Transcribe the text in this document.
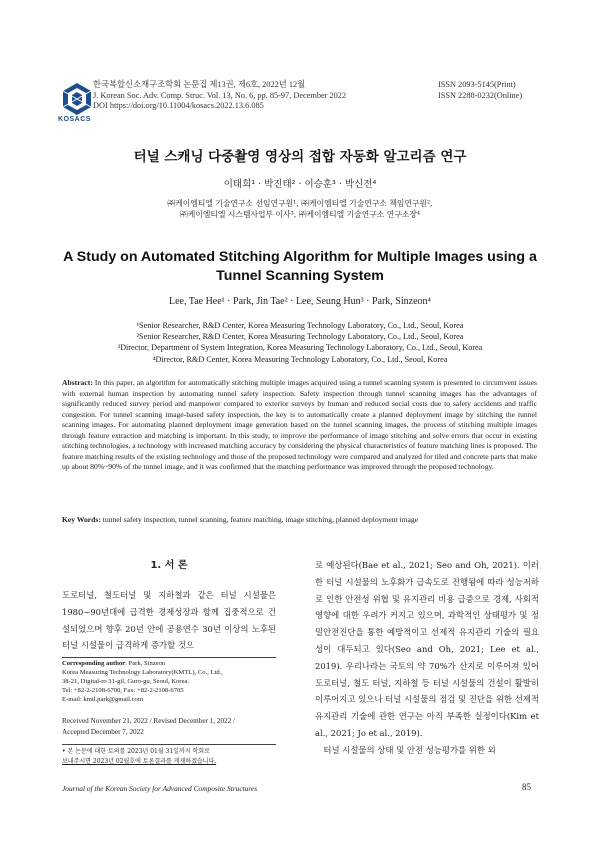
KOSACS
한국복합신소재구조학회 논문집 제13권, 제6호, 2022년 12월
J. Korean Soc. Adv. Comp. Struc. Vol. 13, No. 6, pp. 85-97, December 2022
DOI https://doi.org/10.11004/kosacs.2022.13.6.085
ISSN 2093-5145(Print)
ISSN 2288-0232(Online)
터널 스캐닝 다중촬영 영상의 접합 자동화 알고리즘 연구
이태희¹ · 박진태² · 이승훈³ · 박신전⁴
㈜케이엠티엘 기술연구소 선임연구원¹, ㈜케이엠티엘 기술연구소 책임연구원²,
㈜케이엠티엘 시스템사업부 이사³, ㈜케이엠티엘 기술연구소 연구소장⁴
A Study on Automated Stitching Algorithm for Multiple Images using a
Tunnel Scanning System
Lee, Tae Hee¹ · Park, Jin Tae² · Lee, Seung Hun³ · Park, Sinzeon⁴
¹Senior Researcher, R&D Center, Korea Measuring Technology Laboratory, Co., Ltd., Seoul, Korea
²Senior Researcher, R&D Center, Korea Measuring Technology Laboratory, Co., Ltd., Seoul, Korea
³Director, Department of System Integration, Korea Measuring Technology Laboratory, Co., Ltd., Seoul, Korea
⁴Director, R&D Center, Korea Measuring Technology Laboratory, Co., Ltd., Seoul, Korea
Abstract: In this paper, an algorithm for automatically stitching multiple images acquired using a tunnel scanning system is presented to circumvent issues with external human inspection by automating tunnel safety inspection. Safety inspection through tunnel scanning images has the advantages of significantly reduced survey period and manpower compared to exterior surveys by human and reduced social costs due to safety accidents and traffic congestion. For tunnel scanning image-based safety inspection, the key is to automatically create a planned deployment image by stitching the tunnel scanning images. For automating planned deployment image generation based on the tunnel scanning images, the process of stitching multiple images through feature extraction and matching is important. In this study, to improve the performance of image stitching and solve errors that occur in existing stitching technologies, a technology with increased matching accuracy by considering the physical characteristics of feature matching lines is proposed. The feature matching results of the existing technology and those of the proposed technology were compared and analyzed for tiled and concrete parts that make up about 80%~90% of the tunnel image, and it was confirmed that the matching performance was improved through the proposed technology.
Key Words: tunnel safety inspection, tunnel scanning, feature matching, image stitching, planned deployment image
1. 서 론
도로터널, 철도터널 및 지하철과 같은 터널 시설물은 1980~90년대에 급격한 경제성장과 함께 집중적으로 건설되었으며 향후 20년 안에 공용연수 30년 이상의 노후된 터널 시설물이 급격하게 증가할 것으
Corresponding author: Park, Sinzeon
Korea Measuring Technology Laboratory(KMTL), Co., Ltd.,
38-21, Digital-ro 31-gil, Guro-gu, Seoul, Korea.
Tel: +82-2-2108-6700, Fax: +82-2-2108-6705
E-mail: kmtl.park@gmail.com
Received November 21, 2022 / Revised December 1, 2022 /
Accepted December 7, 2022
• 본 논문에 대한 토의를 2023년 01월 31일까지 학회로
보내주시면 2023년 02월호에 토론결과를 게재하겠습니다.
로 예상된다(Bae et al., 2021; Seo and Oh, 2021). 이러한 터널 시설물의 노후화가 급속도로 진행됨에 따라 성능저하로 인한 안전성 위협 및 유지관리 비용 급증으로 경제, 사회적 영향에 대한 우려가 커지고 있으며, 과학적인 상태평가 및 정밀안전진단을 통한 예방적이고 선제적 유지관리 기술의 필요성이 대두되고 있다(Seo and Oh, 2021; Lee et al., 2019). 우리나라는 국토의 약 70%가 산지로 이루어져 있어 도로터널, 철도 터널, 지하철 등 터널 시설물의 건설이 활발히 이루어지고 있으나 터널 시설물의 점검 및 진단을 위한 선제적 유지관리 기술에 관한 연구는 아직 부족한 실정이다(Kim et al., 2021; Jo et al., 2019).
터널 시설물의 상태 및 안전 성능평가를 위한 외
Journal of the Korean Society for Advanced Composite Structures	85
